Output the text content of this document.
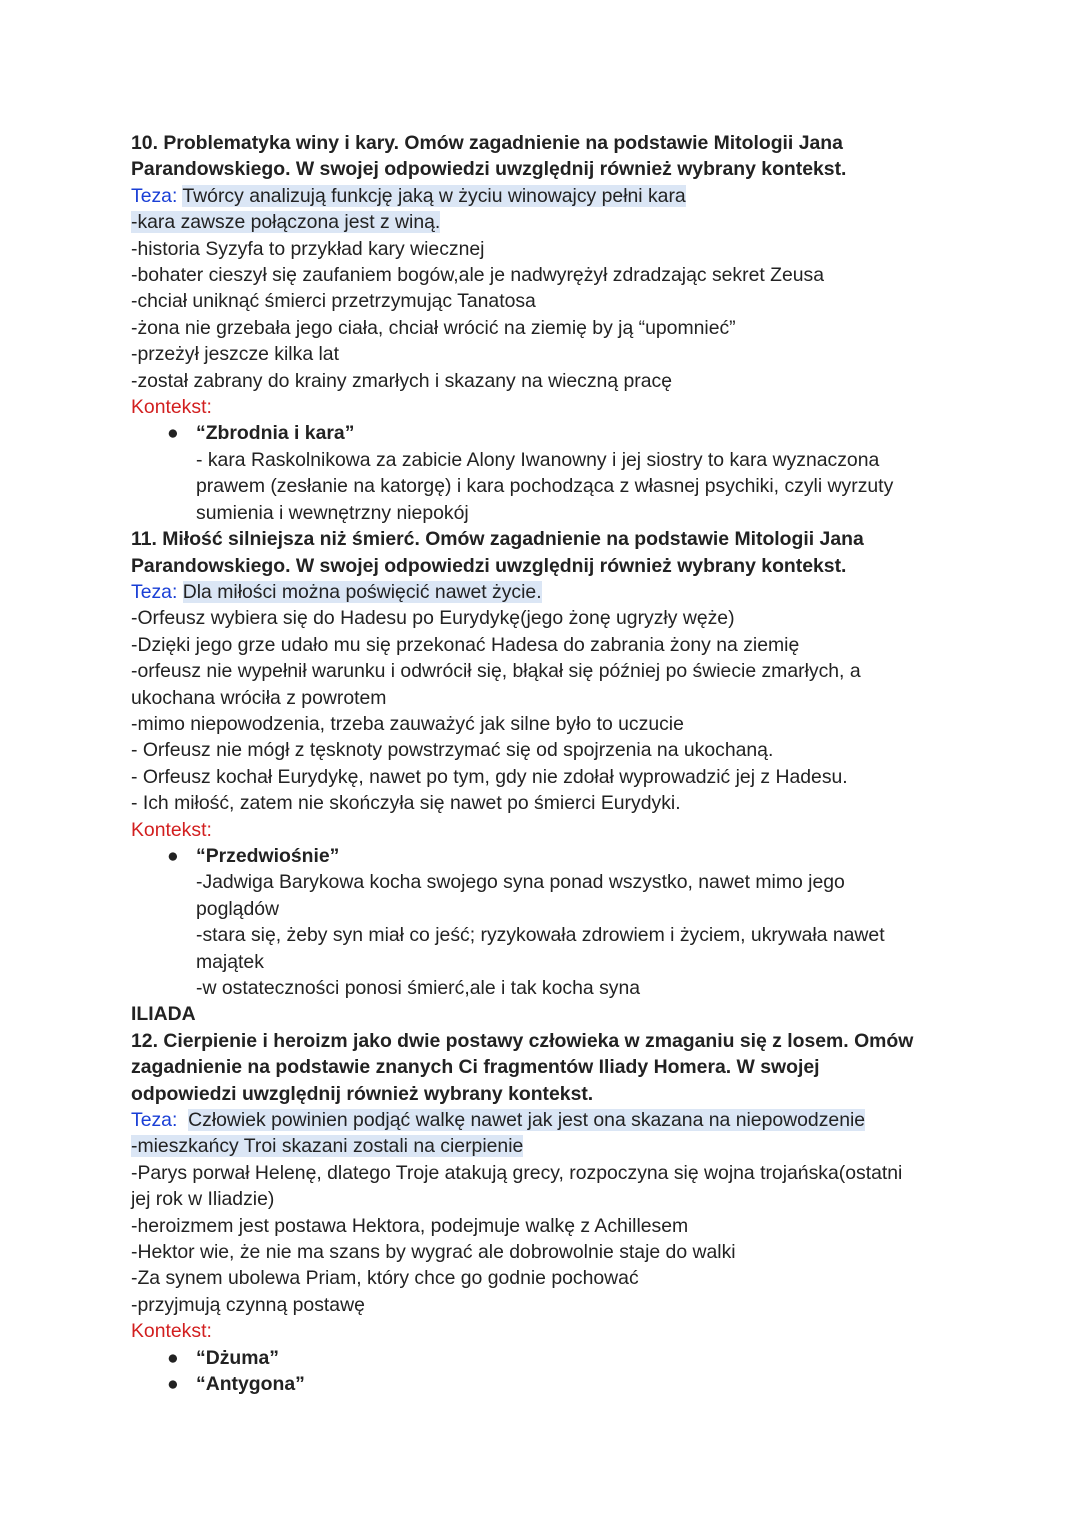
10. Problematyka winy i kary. Omów zagadnienie na podstawie Mitologii Jana
Parandowskiego. W swojej odpowiedzi uwzględnij również wybrany kontekst.
Teza: Twórcy analizują funkcję jaką w życiu winowajcy pełni kara
-kara zawsze połączona jest z winą.
-historia Syzyfa to przykład kary wiecznej
-bohater cieszył się zaufaniem bogów,ale je nadwyrężył zdradzając sekret Zeusa
-chciał uniknąć śmierci przetrzymując Tanatosa
-żona nie grzebała jego ciała, chciał wrócić na ziemię by ją “upomnieć”
-przeżył jeszcze kilka lat
-został zabrany do krainy zmarłych i skazany na wieczną pracę
Kontekst:
● “Zbrodnia i kara”
- kara Raskolnikowa za zabicie Alony Iwanowny i jej siostry to kara wyznaczona
prawem (zesłanie na katorgę) i kara pochodząca z własnej psychiki, czyli wyrzuty
sumienia i wewnętrzny niepokój
11. Miłość silniejsza niż śmierć. Omów zagadnienie na podstawie Mitologii Jana
Parandowskiego. W swojej odpowiedzi uwzględnij również wybrany kontekst.
Teza: Dla miłości można poświęcić nawet życie.
-Orfeusz wybiera się do Hadesu po Eurydykę(jego żonę ugryzły węże)
-Dzięki jego grze udało mu się przekonać Hadesa do zabrania żony na ziemię
-orfeusz nie wypełnił warunku i odwrócił się, błąkał się później po świecie zmarłych, a
ukochana wróciła z powrotem
-mimo niepowodzenia, trzeba zauważyć jak silne było to uczucie
- Orfeusz nie mógł z tęsknoty powstrzymać się od spojrzenia na ukochaną.
- Orfeusz kochał Eurydykę, nawet po tym, gdy nie zdołał wyprowadzić jej z Hadesu.
- Ich miłość, zatem nie skończyła się nawet po śmierci Eurydyki.
Kontekst:
● “Przedwiośnie”
-Jadwiga Barykowa kocha swojego syna ponad wszystko, nawet mimo jego
poglądów
-stara się, żeby syn miał co jeść; ryzykowała zdrowiem i życiem, ukrywała nawet
majątek
-w ostateczności ponosi śmierć,ale i tak kocha syna
ILIADA
12. Cierpienie i heroizm jako dwie postawy człowieka w zmaganiu się z losem. Omów
zagadnienie na podstawie znanych Ci fragmentów Iliady Homera. W swojej
odpowiedzi uwzględnij również wybrany kontekst.
Teza: Człowiek powinien podjąć walkę nawet jak jest ona skazana na niepowodzenie
-mieszkańcy Troi skazani zostali na cierpienie
-Parys porwał Helenę, dlatego Troje atakują grecy, rozpoczyna się wojna trojańska(ostatni
jej rok w Iliadzie)
-heroizmem jest postawa Hektora, podejmuje walkę z Achillesem
-Hektor wie, że nie ma szans by wygrać ale dobrowolnie staje do walki
-Za synem ubolewa Priam, który chce go godnie pochować
-przyjmują czynną postawę
Kontekst:
● “Dżuma”
● “Antygona”
